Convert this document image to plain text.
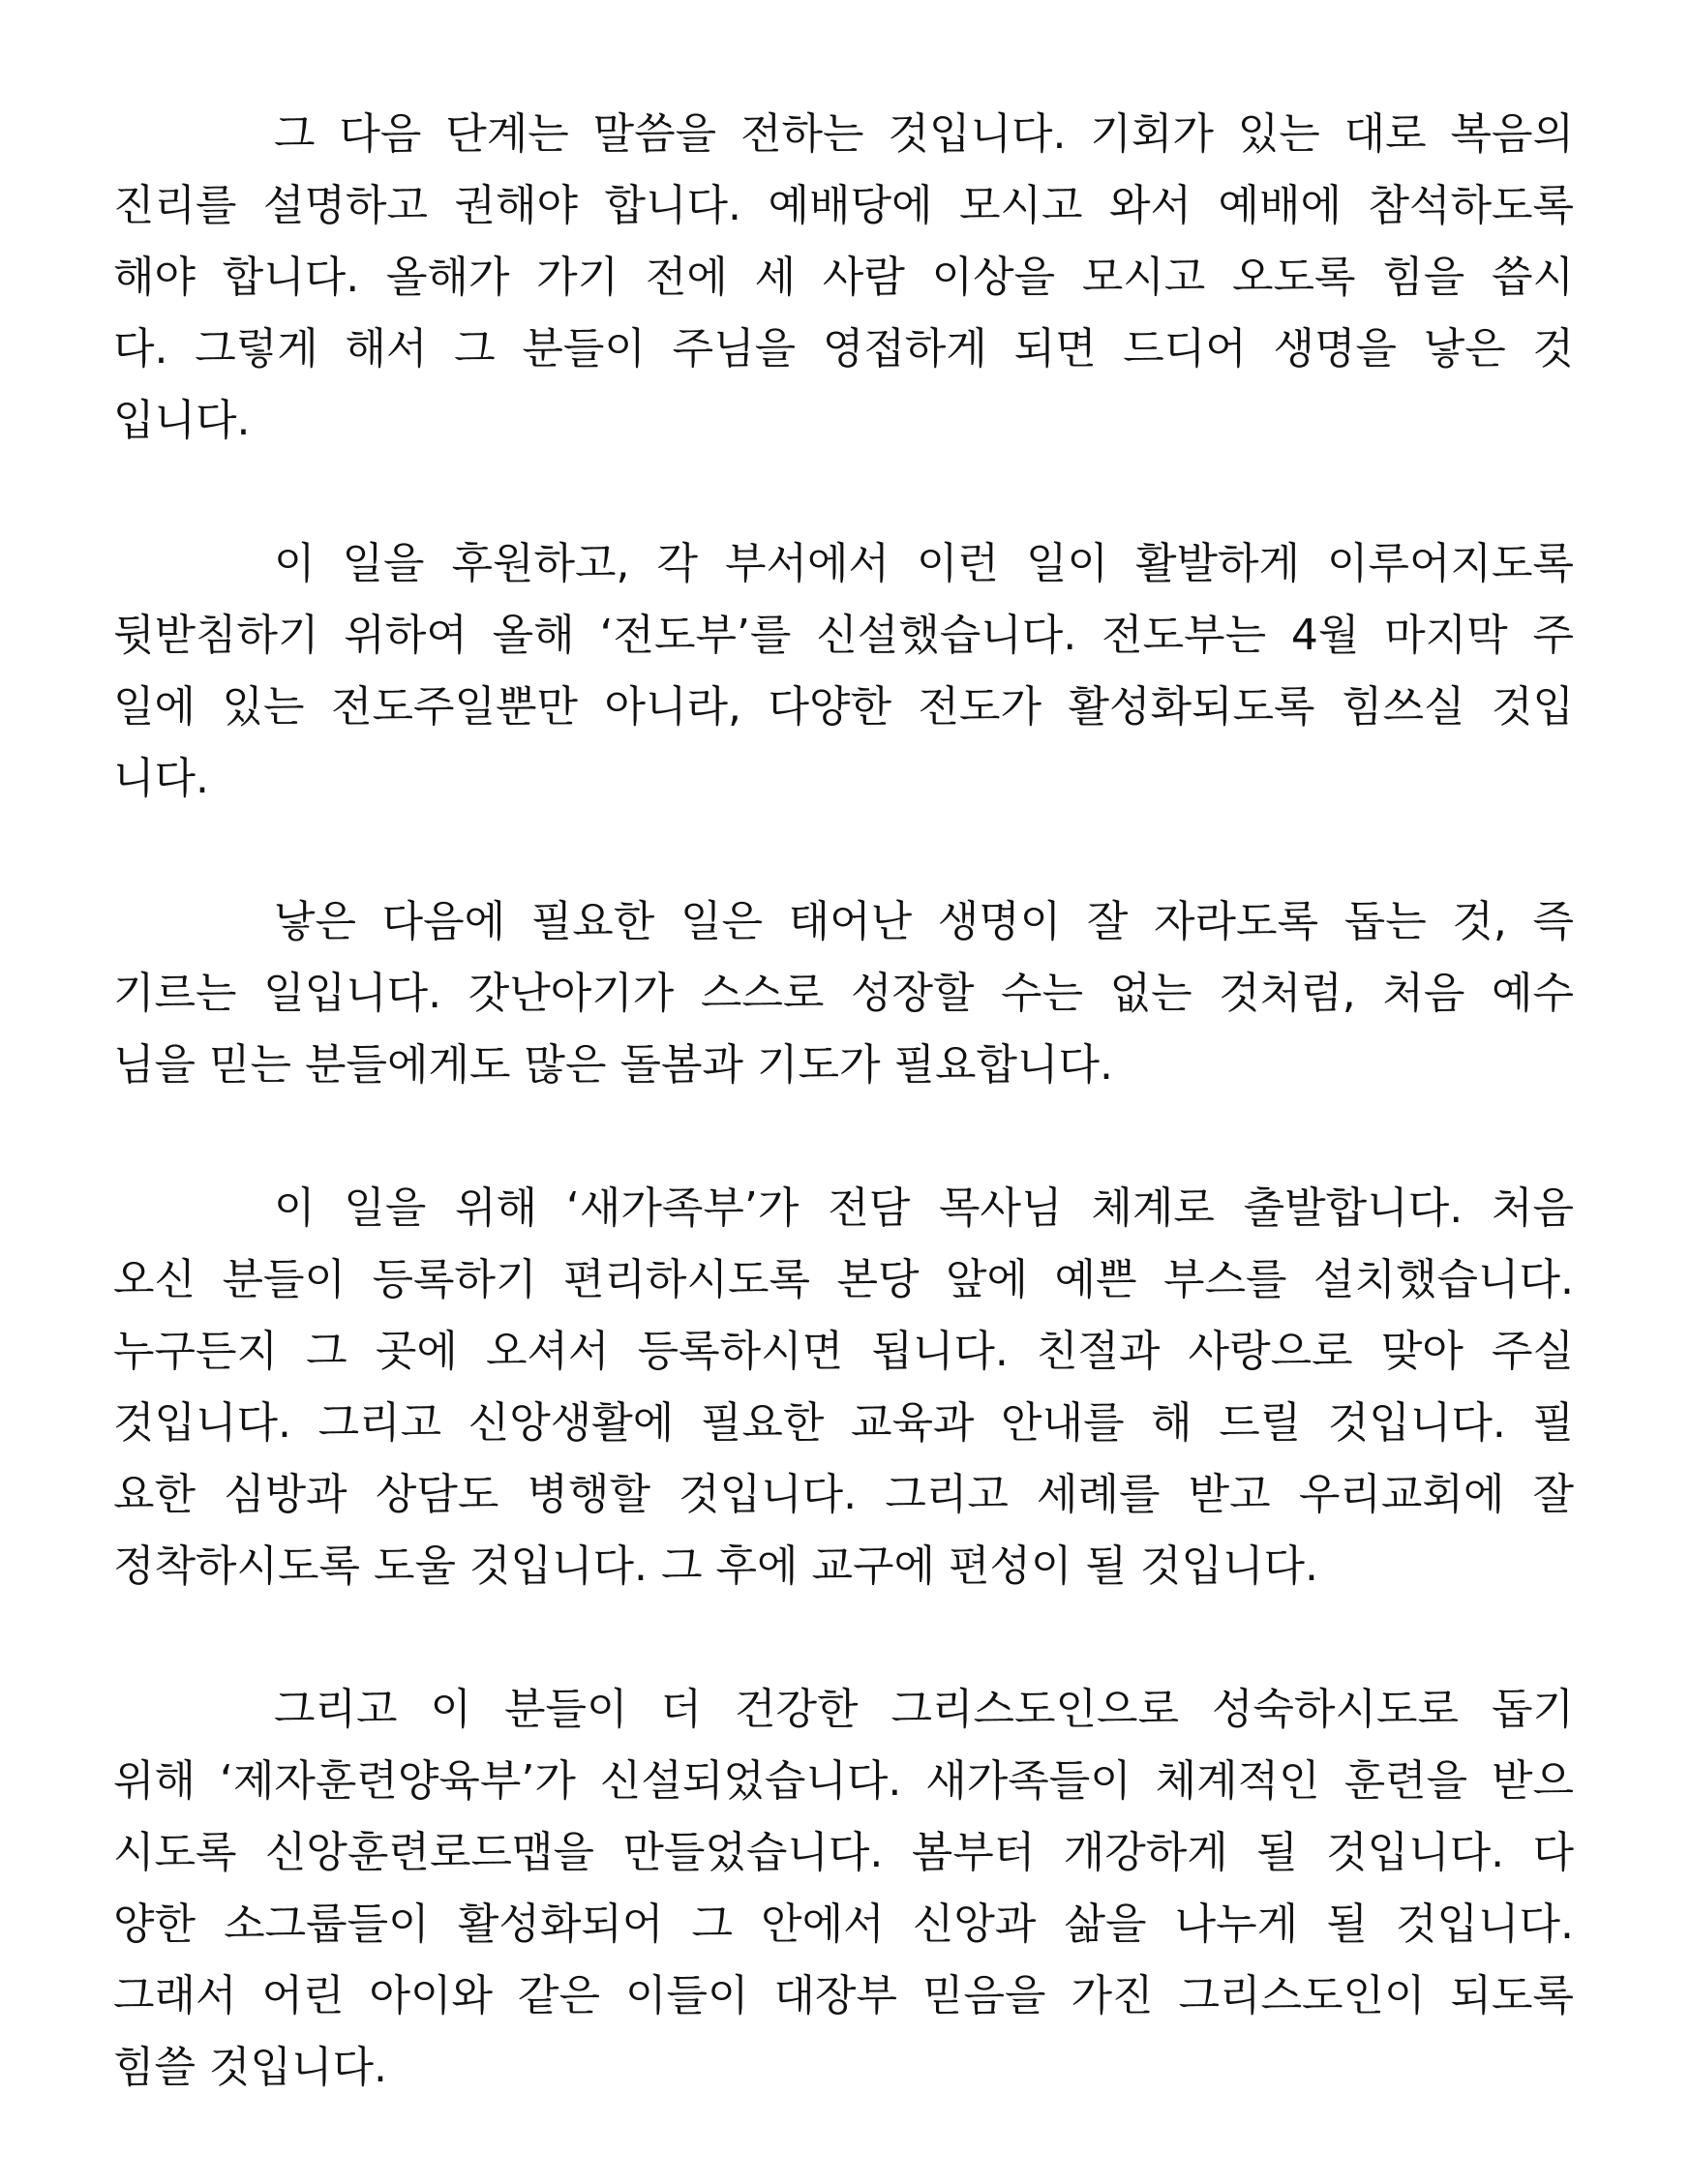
그 다음 단계는 말씀을 전하는 것입니다. 기회가 있는 대로 복음의
진리를 설명하고 권해야 합니다. 예배당에 모시고 와서 예배에 참석하도록
해야 합니다. 올해가 가기 전에 세 사람 이상을 모시고 오도록 힘을 씁시
다. 그렇게 해서 그 분들이 주님을 영접하게 되면 드디어 생명을 낳은 것
입니다.
이 일을 후원하고, 각 부서에서 이런 일이 활발하게 이루어지도록
뒷받침하기 위하여 올해 ‘전도부’를 신설했습니다. 전도부는 4월 마지막 주
일에 있는 전도주일뿐만 아니라, 다양한 전도가 활성화되도록 힘쓰실 것입
니다.
낳은 다음에 필요한 일은 태어난 생명이 잘 자라도록 돕는 것, 즉
기르는 일입니다. 갓난아기가 스스로 성장할 수는 없는 것처럼, 처음 예수
님을 믿는 분들에게도 많은 돌봄과 기도가 필요합니다.
이 일을 위해 ‘새가족부’가 전담 목사님 체계로 출발합니다. 처음
오신 분들이 등록하기 편리하시도록 본당 앞에 예쁜 부스를 설치했습니다.
누구든지 그 곳에 오셔서 등록하시면 됩니다. 친절과 사랑으로 맞아 주실
것입니다. 그리고 신앙생활에 필요한 교육과 안내를 해 드릴 것입니다. 필
요한 심방과 상담도 병행할 것입니다. 그리고 세례를 받고 우리교회에 잘
정착하시도록 도울 것입니다. 그 후에 교구에 편성이 될 것입니다.
그리고 이 분들이 더 건강한 그리스도인으로 성숙하시도로 돕기
위해 ‘제자훈련양육부’가 신설되었습니다. 새가족들이 체계적인 훈련을 받으
시도록 신앙훈련로드맵을 만들었습니다. 봄부터 개강하게 될 것입니다. 다
양한 소그룹들이 활성화되어 그 안에서 신앙과 삶을 나누게 될 것입니다.
그래서 어린 아이와 같은 이들이 대장부 믿음을 가진 그리스도인이 되도록
힘쓸 것입니다.
